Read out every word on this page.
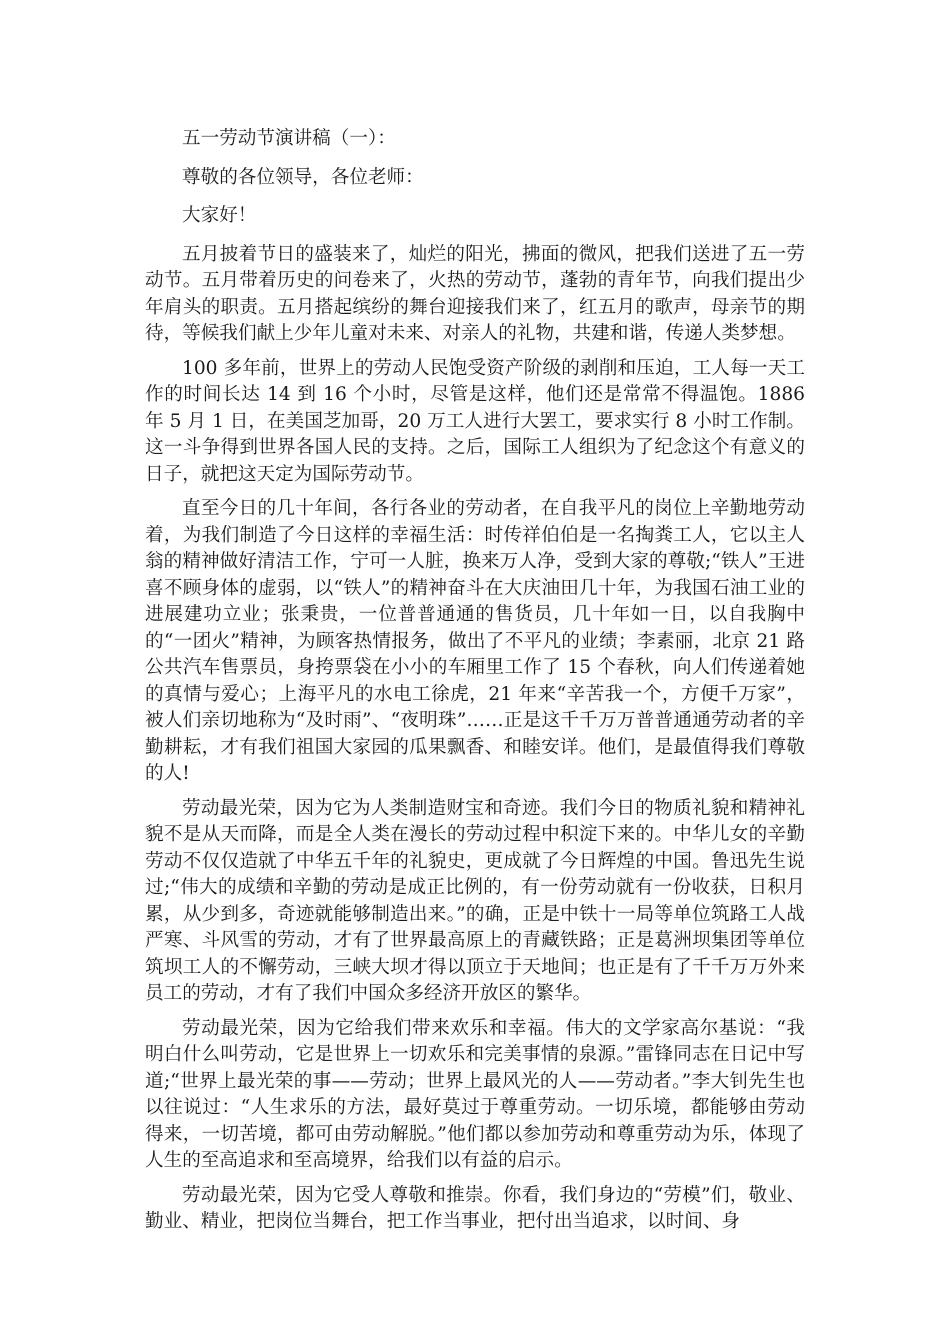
五一劳动节演讲稿（一）：

尊敬的各位领导，各位老师：

大家好！

五月披着节日的盛装来了，灿烂的阳光，拂面的微风，把我们送进了五一劳动节。五月带着历史的问卷来了，火热的劳动节，蓬勃的青年节，向我们提出少年肩头的职责。五月搭起缤纷的舞台迎接我们来了，红五月的歌声，母亲节的期待，等候我们献上少年儿童对未来、对亲人的礼物，共建和谐，传递人类梦想。

100 多年前，世界上的劳动人民饱受资产阶级的剥削和压迫，工人每一天工作的时间长达 14 到 16 个小时，尽管是这样，他们还是常常不得温饱。1886 年 5 月 1 日，在美国芝加哥，20 万工人进行大罢工，要求实行 8 小时工作制。这一斗争得到世界各国人民的支持。之后，国际工人组织为了纪念这个有意义的日子，就把这天定为国际劳动节。

直至今日的几十年间，各行各业的劳动者，在自我平凡的岗位上辛勤地劳动着，为我们制造了今日这样的幸福生活：时传祥伯伯是一名掏粪工人，它以主人翁的精神做好清洁工作，宁可一人脏，换来万人净，受到大家的尊敬;“铁人”王进喜不顾身体的虚弱，以“铁人”的精神奋斗在大庆油田几十年，为我国石油工业的进展建功立业；张秉贵，一位普普通通的售货员，几十年如一日，以自我胸中的“一团火”精神，为顾客热情报务，做出了不平凡的业绩；李素丽，北京 21 路公共汽车售票员，身挎票袋在小小的车厢里工作了 15 个春秋，向人们传递着她的真情与爱心；上海平凡的水电工徐虎，21 年来“辛苦我一个，方便千万家”，被人们亲切地称为“及时雨”、“夜明珠”……正是这千千万万普普通通劳动者的辛勤耕耘，才有我们祖国大家园的瓜果飘香、和睦安详。他们，是最值得我们尊敬的人!

劳动最光荣，因为它为人类制造财宝和奇迹。我们今日的物质礼貌和精神礼貌不是从天而降，而是全人类在漫长的劳动过程中积淀下来的。中华儿女的辛勤劳动不仅仅造就了中华五千年的礼貌史，更成就了今日辉煌的中国。鲁迅先生说过;“伟大的成绩和辛勤的劳动是成正比例的，有一份劳动就有一份收获，日积月累，从少到多，奇迹就能够制造出来。”的确，正是中铁十一局等单位筑路工人战严寒、斗风雪的劳动，才有了世界最高原上的青藏铁路；正是葛洲坝集团等单位筑坝工人的不懈劳动，三峡大坝才得以顶立于天地间；也正是有了千千万万外来员工的劳动，才有了我们中国众多经济开放区的繁华。

劳动最光荣，因为它给我们带来欢乐和幸福。伟大的文学家高尔基说：“我明白什么叫劳动，它是世界上一切欢乐和完美事情的泉源。”雷锋同志在日记中写道;“世界上最光荣的事——劳动；世界上最风光的人——劳动者。”李大钊先生也以往说过：“人生求乐的方法，最好莫过于尊重劳动。一切乐境，都能够由劳动得来，一切苦境，都可由劳动解脱。”他们都以参加劳动和尊重劳动为乐，体现了人生的至高追求和至高境界，给我们以有益的启示。

劳动最光荣，因为它受人尊敬和推崇。你看，我们身边的“劳模”们，敬业、勤业、精业，把岗位当舞台，把工作当事业，把付出当追求，以时间、身
